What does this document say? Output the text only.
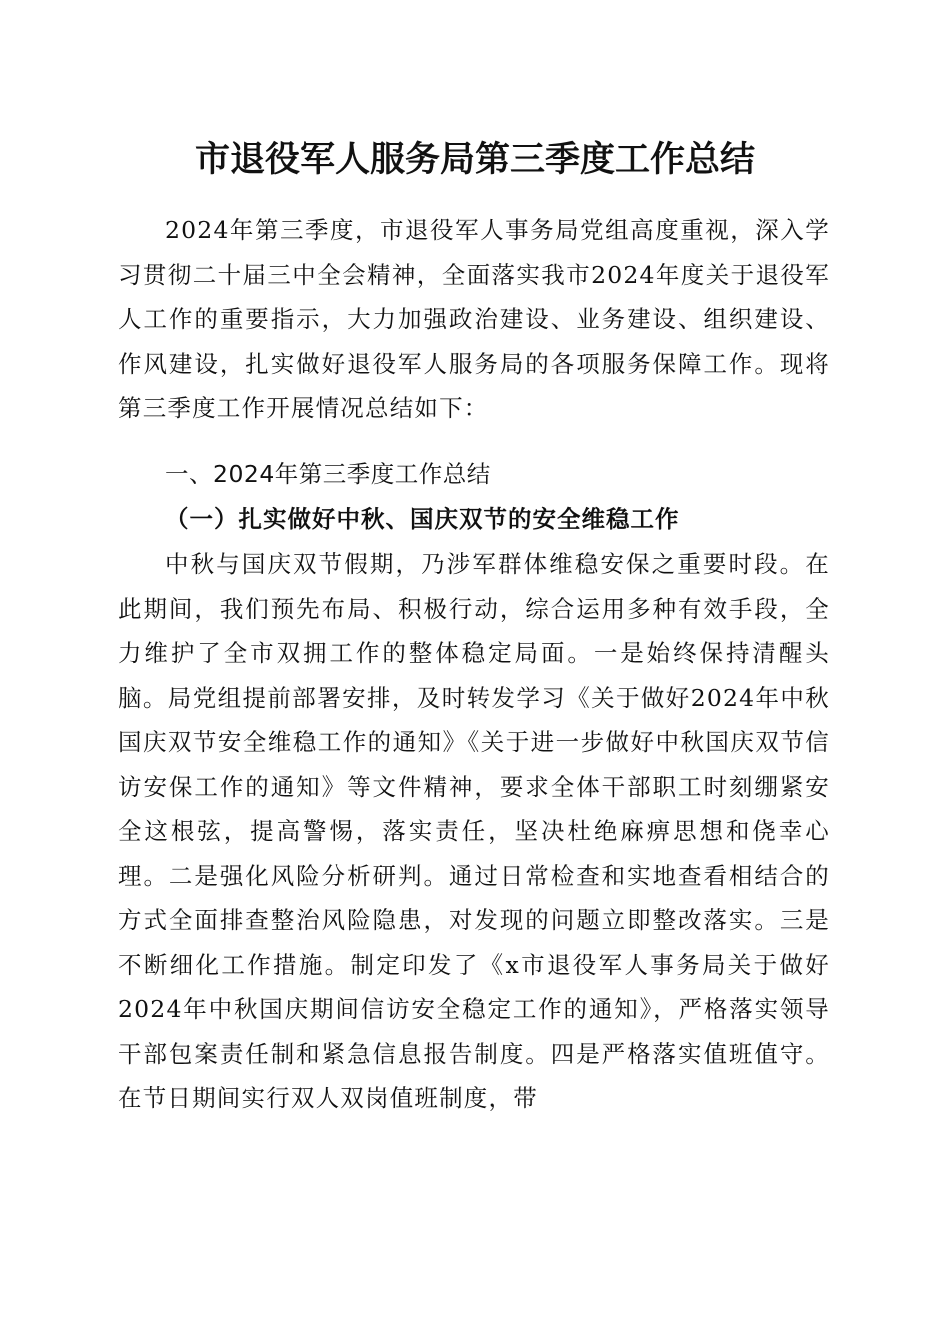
市退役军人服务局第三季度工作总结
2024年第三季度，市退役军人事务局党组高度重视，深入学习贯彻二十届三中全会精神，全面落实我市2024年度关于退役军人工作的重要指示，大力加强政治建设、业务建设、组织建设、作风建设，扎实做好退役军人服务局的各项服务保障工作。现将第三季度工作开展情况总结如下：
一、2024年第三季度工作总结
（一）扎实做好中秋、国庆双节的安全维稳工作
中秋与国庆双节假期，乃涉军群体维稳安保之重要时段。在此期间，我们预先布局、积极行动，综合运用多种有效手段，全力维护了全市双拥工作的整体稳定局面。一是始终保持清醒头脑。局党组提前部署安排，及时转发学习《关于做好2024年中秋国庆双节安全维稳工作的通知》《关于进一步做好中秋国庆双节信访安保工作的通知》等文件精神，要求全体干部职工时刻绷紧安全这根弦，提高警惕，落实责任，坚决杜绝麻痹思想和侥幸心理。二是强化风险分析研判。通过日常检查和实地查看相结合的方式全面排查整治风险隐患，对发现的问题立即整改落实。三是不断细化工作措施。制定印发了《x市退役军人事务局关于做好2024年中秋国庆期间信访安全稳定工作的通知》，严格落实领导干部包案责任制和紧急信息报告制度。四是严格落实值班值守。在节日期间实行双人双岗值班制度，带
